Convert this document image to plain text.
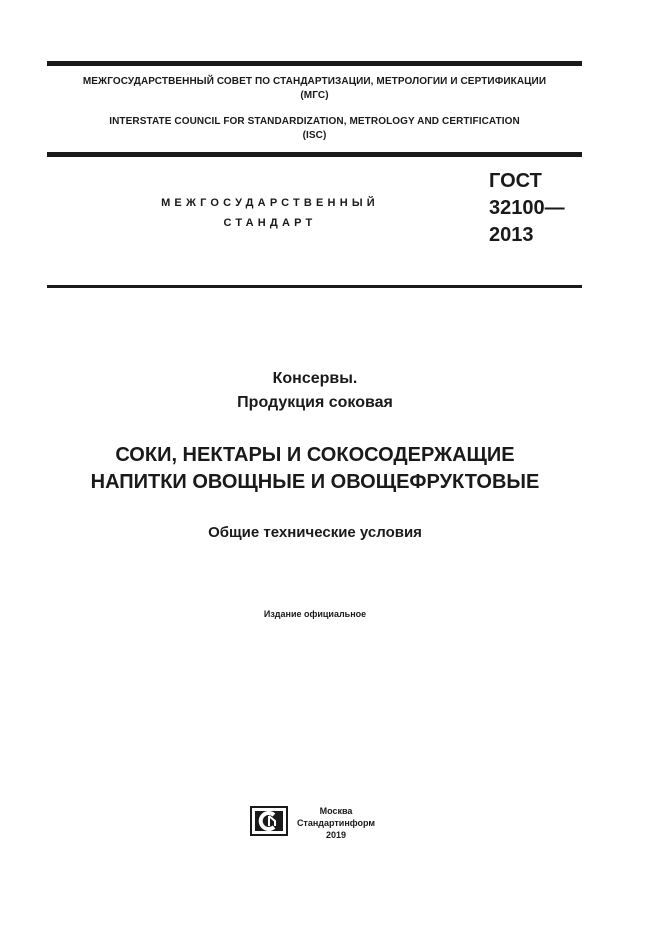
МЕЖГОСУДАРСТВЕННЫЙ СОВЕТ ПО СТАНДАРТИЗАЦИИ, МЕТРОЛОГИИ И СЕРТИФИКАЦИИ
(МГС)
INTERSTATE COUNCIL FOR STANDARDIZATION, METROLOGY AND CERTIFICATION
(ISC)
МЕЖГОСУДАРСТВЕННЫЙ
СТАНДАРТ
ГОСТ
32100—
2013
Консервы.
Продукция соковая
СОКИ, НЕКТАРЫ И СОКОСОДЕРЖАЩИЕ
НАПИТКИ ОВОЩНЫЕ И ОВОЩЕФРУКТОВЫЕ
Общие технические условия
Издание официальное
Москва
Стандартинформ
2019
